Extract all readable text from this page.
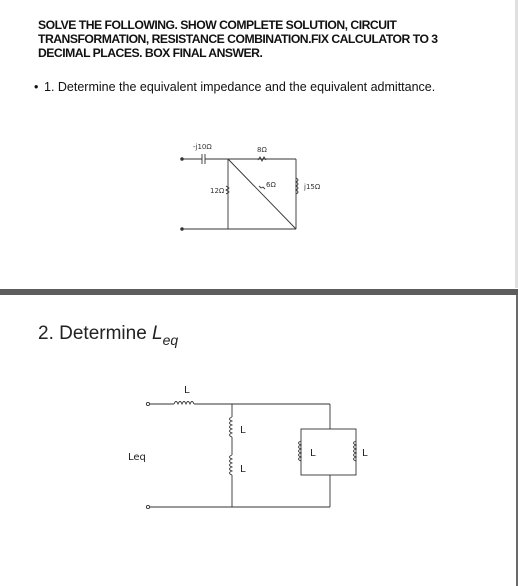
SOLVE THE FOLLOWING. SHOW COMPLETE SOLUTION, CIRCUIT TRANSFORMATION, RESISTANCE COMBINATION.FIX CALCULATOR TO 3 DECIMAL PLACES. BOX FINAL ANSWER.
• 1. Determine the equivalent impedance and the equivalent admittance.
-j10Ω	8Ω
12Ω
6Ω	j15Ω
2. Determine $L_{eq}$
Leq
L
L
L
L	L
